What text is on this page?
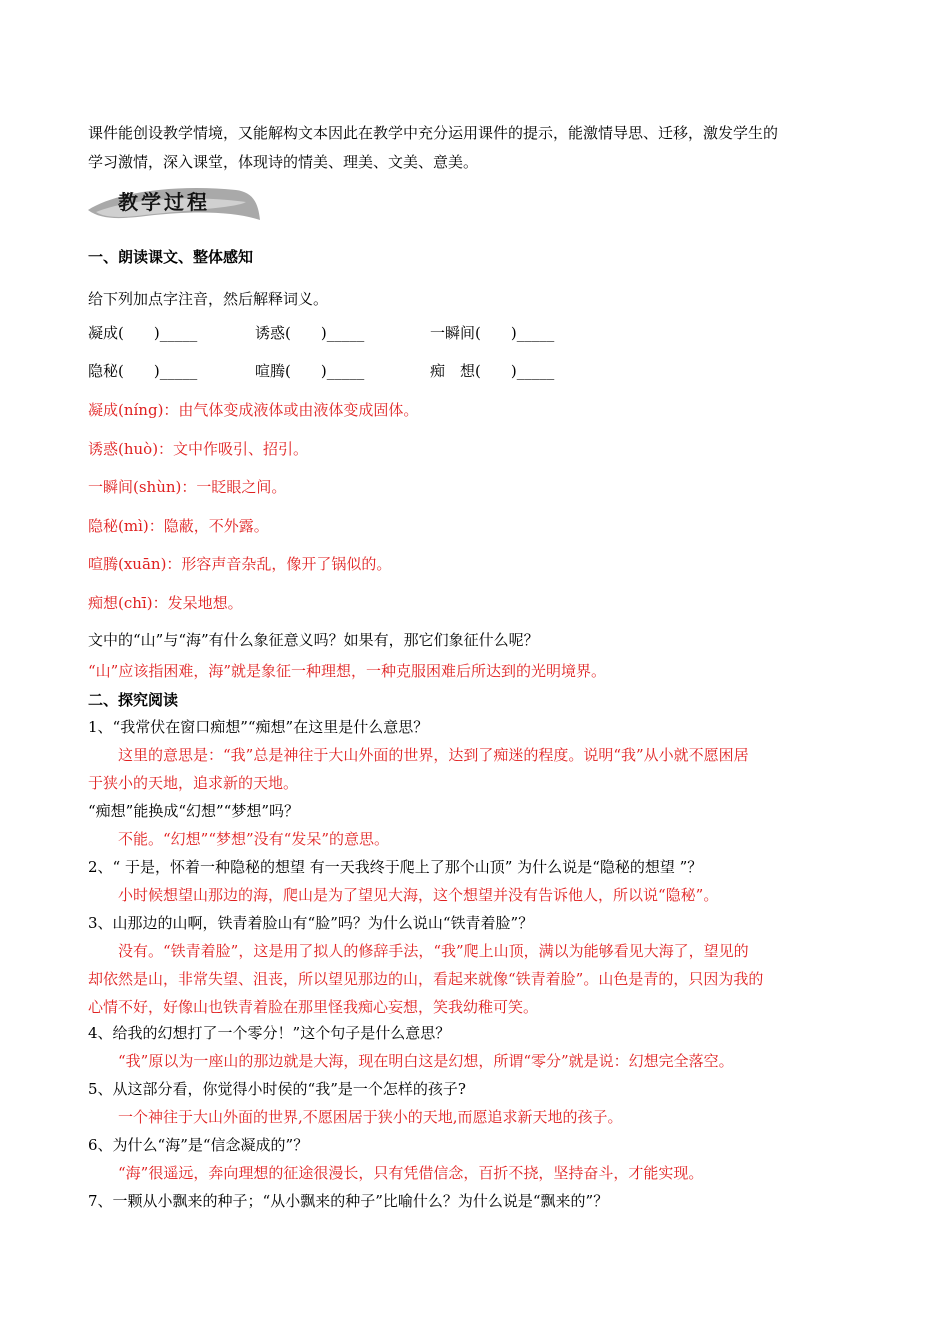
课件能创设教学情境，又能解构文本因此在教学中充分运用课件的提示，能激情导思、迁移，激发学生的
学习激情，深入课堂，体现诗的情美、理美、文美、意美。
教学过程
一、朗读课文、整体感知
给下列加点字注音，然后解释词义。
凝成(　　)_____	诱惑(　　)_____	一瞬间(　　)_____
隐秘(　　)_____	喧腾(　　)_____	痴　想(　　)_____
凝成(níng)：由气体变成液体或由液体变成固体。
诱惑(huò)：文中作吸引、招引。
一瞬间(shùn)：一眨眼之间。
隐秘(mì)：隐蔽，不外露。
喧腾(xuān)：形容声音杂乱，像开了锅似的。
痴想(chī)：发呆地想。
文中的“山”与“海”有什么象征意义吗？如果有，那它们象征什么呢？
“山”应该指困难，海”就是象征一种理想，一种克服困难后所达到的光明境界。
二、探究阅读
1、“我常伏在窗口痴想”“痴想”在这里是什么意思？
这里的意思是：“我”总是神往于大山外面的世界，达到了痴迷的程度。说明“我”从小就不愿困居
于狭小的天地，追求新的天地。
“痴想”能换成“幻想”“梦想”吗？
不能。“幻想”“梦想”没有“发呆”的意思。
2、“ 于是，怀着一种隐秘的想望 有一天我终于爬上了那个山顶” 为什么说是“隐秘的想望 ”？
小时候想望山那边的海，爬山是为了望见大海，这个想望并没有告诉他人，所以说“隐秘”。
3、山那边的山啊，铁青着脸山有“脸”吗？为什么说山“铁青着脸”？
没有。“铁青着脸”，这是用了拟人的修辞手法，“我”爬上山顶，满以为能够看见大海了，望见的
却依然是山，非常失望、沮丧，所以望见那边的山，看起来就像“铁青着脸”。山色是青的，只因为我的
心情不好，好像山也铁青着脸在那里怪我痴心妄想，笑我幼稚可笑。
4、给我的幻想打了一个零分！”这个句子是什么意思？
“我”原以为一座山的那边就是大海，现在明白这是幻想，所谓“零分”就是说：幻想完全落空。
5、从这部分看，你觉得小时侯的“我”是一个怎样的孩子?
一个神往于大山外面的世界,不愿困居于狭小的天地,而愿追求新天地的孩子。
6、为什么“海”是“信念凝成的”？
“海”很遥远，奔向理想的征途很漫长，只有凭借信念，百折不挠，坚持奋斗，才能实现。
7、一颗从小飘来的种子；“从小飘来的种子”比喻什么？为什么说是“飘来的”？
